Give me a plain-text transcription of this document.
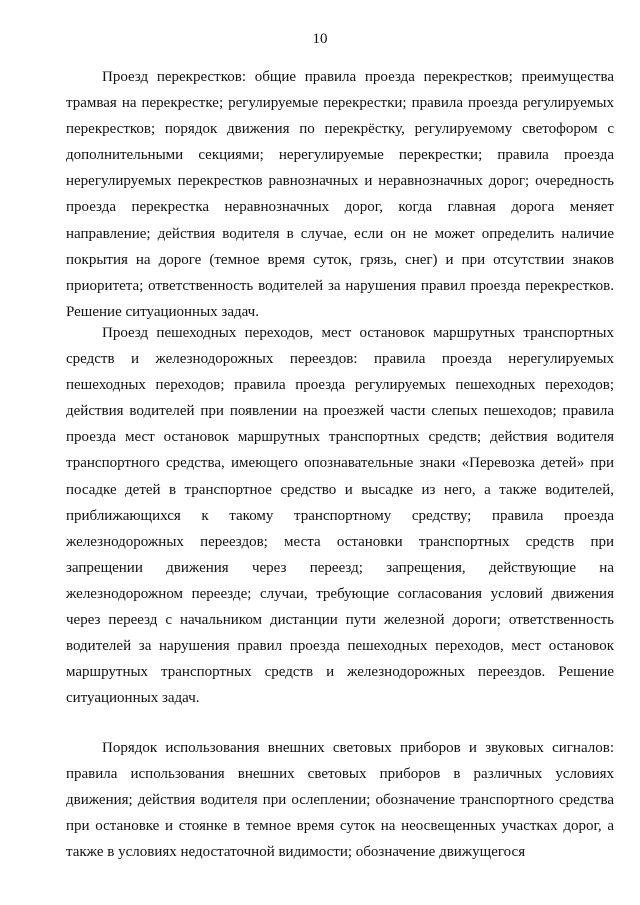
10

Проезд перекрестков: общие правила проезда перекрестков; преимущества трамвая на перекрестке; регулируемые перекрестки; правила проезда регулируемых перекрестков; порядок движения по перекрёстку, регулируемому светофором с дополнительными секциями; нерегулируемые перекрестки; правила проезда нерегулируемых перекрестков равнозначных и неравнозначных дорог; очередность проезда перекрестка неравнозначных дорог, когда главная дорога меняет направление; действия водителя в случае, если он не может определить наличие покрытия на дороге (темное время суток, грязь, снег) и при отсутствии знаков приоритета; ответственность водителей за нарушения правил проезда перекрестков. Решение ситуационных задач.

Проезд пешеходных переходов, мест остановок маршрутных транспортных средств и железнодорожных переездов: правила проезда нерегулируемых пешеходных переходов; правила проезда регулируемых пешеходных переходов; действия водителей при появлении на проезжей части слепых пешеходов; правила проезда мест остановок маршрутных транспортных средств; действия водителя транспортного средства, имеющего опознавательные знаки «Перевозка детей» при посадке детей в транспортное средство и высадке из него, а также водителей, приближающихся к такому транспортному средству; правила проезда железнодорожных переездов; места остановки транспортных средств при запрещении движения через переезд; запрещения, действующие на железнодорожном переезде; случаи, требующие согласования условий движения через переезд с начальником дистанции пути железной дороги; ответственность водителей за нарушения правил проезда пешеходных переходов, мест остановок маршрутных транспортных средств и железнодорожных переездов. Решение ситуационных задач.

Порядок использования внешних световых приборов и звуковых сигналов: правила использования внешних световых приборов в различных условиях движения; действия водителя при ослеплении; обозначение транспортного средства при остановке и стоянке в темное время суток на неосвещенных участках дорог, а также в условиях недостаточной видимости; обозначение движущегося
